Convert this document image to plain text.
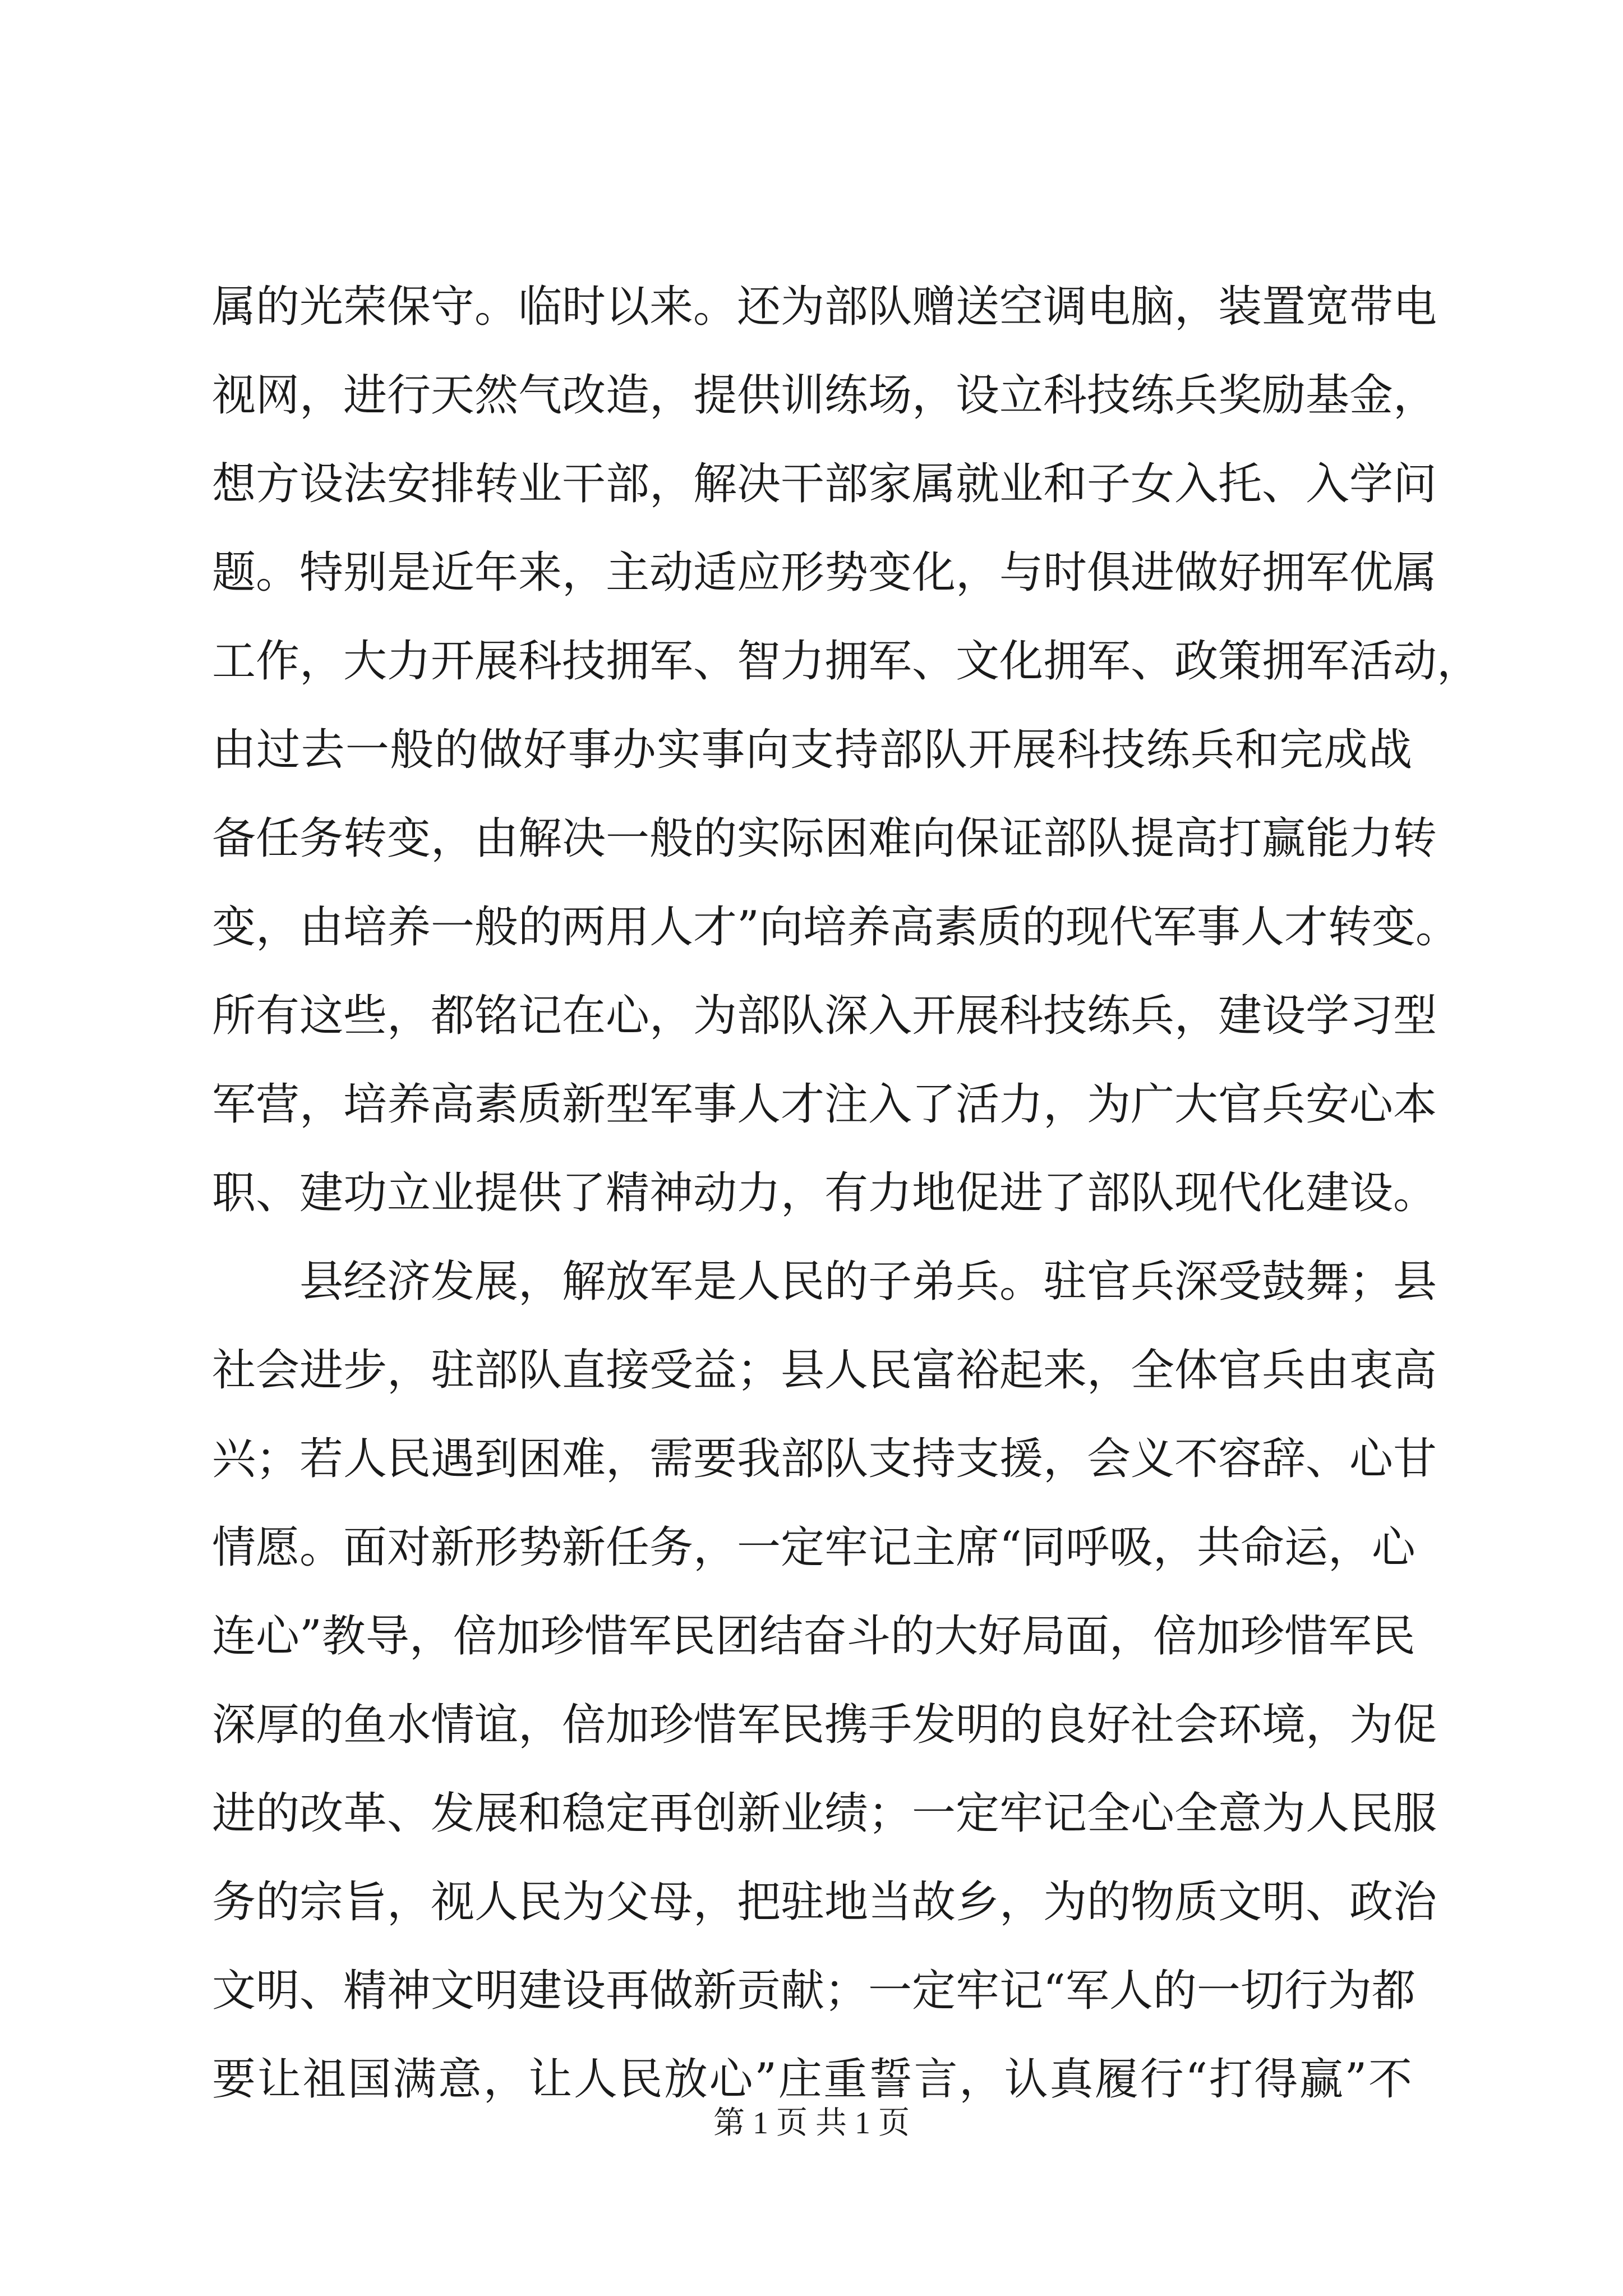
属的光荣保守。临时以来。还为部队赠送空调电脑，装置宽带电
视网，进行天然气改造，提供训练场，设立科技练兵奖励基金，
想方设法安排转业干部，解决干部家属就业和子女入托、入学问
题。特别是近年来，主动适应形势变化，与时俱进做好拥军优属
工作，大力开展科技拥军、智力拥军、文化拥军、政策拥军活动，
由过去一般的做好事办实事向支持部队开展科技练兵和完成战
备任务转变，由解决一般的实际困难向保证部队提高打赢能力转
变，由培养一般的两用人才”向培养高素质的现代军事人才转变。
所有这些，都铭记在心，为部队深入开展科技练兵，建设学习型
军营，培养高素质新型军事人才注入了活力，为广大官兵安心本
职、建功立业提供了精神动力，有力地促进了部队现代化建设。
县经济发展，解放军是人民的子弟兵。驻官兵深受鼓舞；县
社会进步，驻部队直接受益；县人民富裕起来，全体官兵由衷高
兴；若人民遇到困难，需要我部队支持支援，会义不容辞、心甘
情愿。面对新形势新任务，一定牢记主席“同呼吸，共命运，心
连心”教导，倍加珍惜军民团结奋斗的大好局面，倍加珍惜军民
深厚的鱼水情谊，倍加珍惜军民携手发明的良好社会环境，为促
进的改革、发展和稳定再创新业绩；一定牢记全心全意为人民服
务的宗旨，视人民为父母，把驻地当故乡，为的物质文明、政治
文明、精神文明建设再做新贡献；一定牢记“军人的一切行为都
要让祖国满意，让人民放心”庄重誓言，认真履行“打得赢”不
第 1 页 共 1 页
